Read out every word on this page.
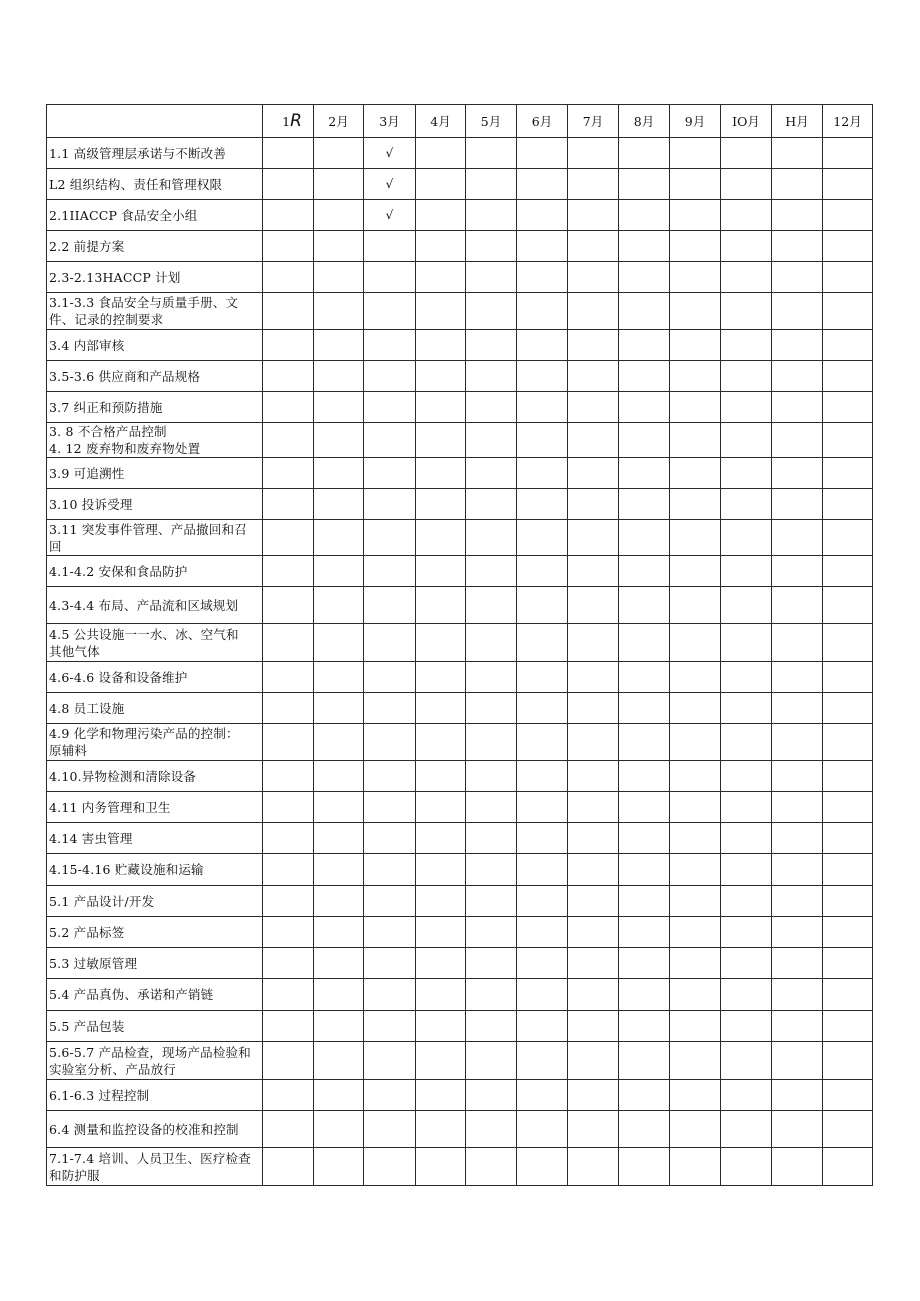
	1R	2月	3月	4月	5月	6月	7月	8月	9月	IO月	H月	12月

1.1 高级管理层承诺与不断改善			√									

L2 组织结构、责任和管理权限			√									

2.1IIACCP 食品安全小组			√									

2.2 前提方案												

2.3-2.13HACCP 计划												

3.1-3.3 食品安全与质量手册、文
件、记录的控制要求												

3.4 内部审核												

3.5-3.6 供应商和产品规格												

3.7 纠正和预防措施												

3. 8 不合格产品控制
4. 12 废弃物和废弃物处置												

3.9 可追溯性												

3.10 投诉受理												

3.11 突发事件管理、产品撤回和召
回												

4.1-4.2 安保和食品防护												

4.3-4.4 布局、产品流和区域规划												

4.5 公共设施一一水、冰、空气和
其他气体												

4.6-4.6 设备和设备维护												

4.8 员工设施												

4.9 化学和物理污染产品的控制：
原辅料												

4.10.异物检测和清除设备												

4.11 内务管理和卫生												

4.14 害虫管理												

4.15-4.16 贮藏设施和运输												

5.1 产品设计/开发												

5.2 产品标签												

5.3 过敏原管理												

5.4 产品真伪、承诺和产销链												

5.5 产品包装												

5.6-5.7 产品检查，现场产品检验和
实验室分析、产品放行												

6.1-6.3 过程控制												

6.4 测量和监控设备的校准和控制												

7.1-7.4 培训、人员卫生、医疗检查
和防护服												
